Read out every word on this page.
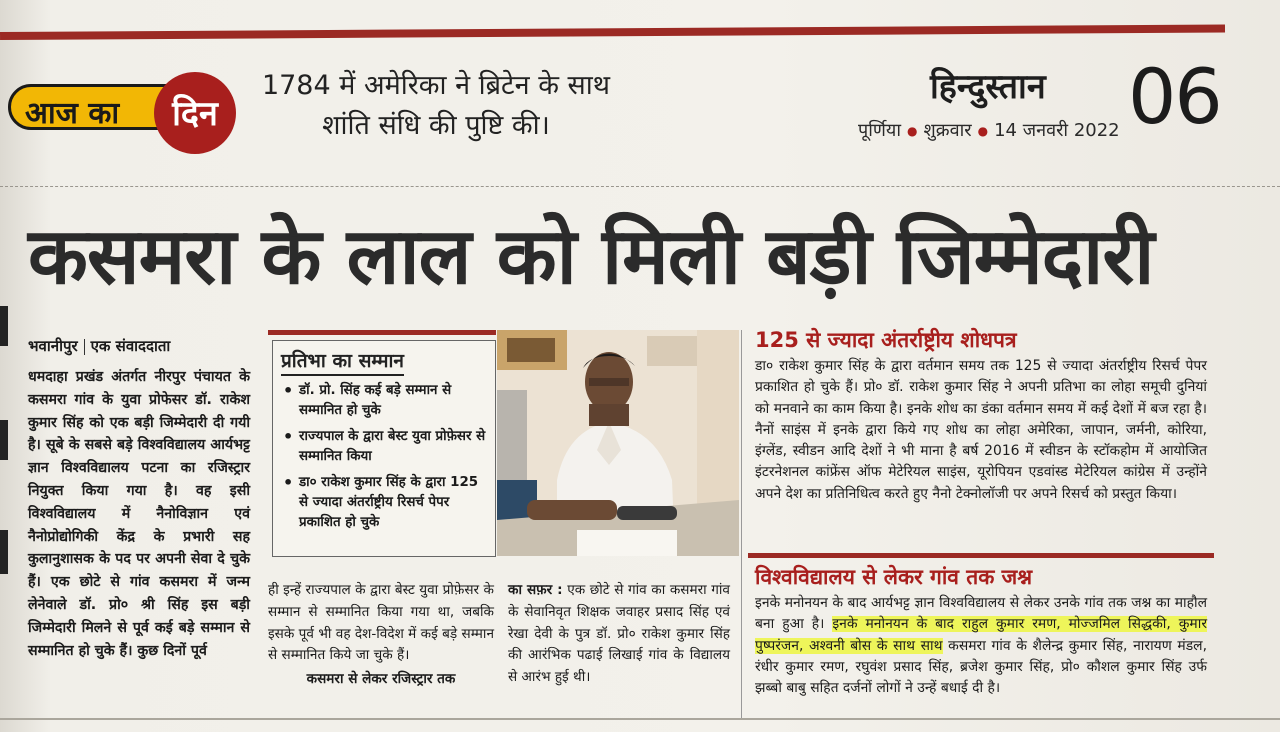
आज का	दिन
1784 में अमेरिका ने ब्रिटेन के साथ
शांति संधि की पुष्टि की।
हिन्दुस्तान
पूर्णिया ● शुक्रवार ● 14 जनवरी 2022 06
कसमरा के लाल को मिली बड़ी जिम्मेदारी
भवानीपुर एक संवाददाता
धमदाहा प्रखंड अंतर्गत नीरपुर पंचायत के कसमरा गांव के युवा प्रोफेसर डॉ. राकेश कुमार सिंह को एक बड़ी जिम्मेदारी दी गयी है। सूबे के सबसे बड़े विश्वविद्यालय आर्यभट्ट ज्ञान विश्वविद्यालय पटना का रजिस्ट्रार नियुक्त किया गया है। वह इसी विश्वविद्यालय में नैनोविज्ञान एवं नैनोप्रोद्योगिकी केंद्र के प्रभारी सह कुलानुशासक के पद पर अपनी सेवा दे चुके हैं। एक छोटे से गांव कसमरा में जन्म लेनेवाले डॉ. प्रो० श्री सिंह इस बड़ी जिम्मेदारी मिलने से पूर्व कई बड़े सम्मान से सम्मानित हो चुके हैं। कुछ दिनों पूर्व
प्रतिभा का सम्मान
• डॉ. प्रो. सिंह कई बड़े सम्मान से सम्मानित हो चुके
• राज्यपाल के द्वारा बेस्ट युवा प्रोफ़ेसर से सम्मानित किया
• डा० राकेश कुमार सिंह के द्वारा 125 से ज्यादा अंतर्राष्ट्रीय रिसर्च पेपर प्रकाशित हो चुके
ही इन्हें राज्यपाल के द्वारा बेस्ट युवा प्रोफ़ेसर के सम्मान से सम्मानित किया गया था, जबकि इसके पूर्व भी वह देश-विदेश में कई बड़े सम्मान से सम्मानित किये जा चुके हैं।
कसमरा से लेकर रजिस्ट्रार तक
का सफ़र : एक छोटे से गांव का कसमरा गांव के सेवानिवृत शिक्षक जवाहर प्रसाद सिंह एवं रेखा देवी के पुत्र डॉ. प्रो० राकेश कुमार सिंह की आरंभिक पढाई लिखाई गांव के विद्यालय से आरंभ हुई थी।
125 से ज्यादा अंतर्राष्ट्रीय शोधपत्र
डा० राकेश कुमार सिंह के द्वारा वर्तमान समय तक 125 से ज्यादा अंतर्राष्ट्रीय रिसर्च पेपर प्रकाशित हो चुके हैं। प्रो० डॉ. राकेश कुमार सिंह ने अपनी प्रतिभा का लोहा समूची दुनियां को मनवाने का काम किया है। इनके शोध का डंका वर्तमान समय में कई देशों में बज रहा है। नैनों साइंस में इनके द्वारा किये गए शोध का लोहा अमेरिका, जापान, जर्मनी, कोरिया, इंग्लेंड, स्वीडन आदि देशों ने भी माना है बर्ष 2016 में स्वीडन के स्टॉकहोम में आयोजित इंटरनेशनल कांफ्रेंस ऑफ मेटेरियल साइंस, यूरोपियन एडवांस्ड मेटेरियल कांग्रेस में उन्होंने अपने देश का प्रतिनिधित्व करते हुए नैनो टेक्नोलॉजी पर अपने रिसर्च को प्रस्तुत किया।
विश्वविद्यालय से लेकर गांव तक जश्न
इनके मनोनयन के बाद आर्यभट्ट ज्ञान विश्वविद्यालय से लेकर उनके गांव तक जश्न का माहौल बना हुआ है। इनके मनोनयन के बाद राहुल कुमार रमण, मोज्जमिल सिद्धकी, कुमार पुष्परंजन, अश्वनी बोस के साथ साथ कसमरा गांव के शैलेन्द्र कुमार सिंह, नारायण मंडल, रंधीर कुमार रमण, रघुवंश प्रसाद सिंह, ब्रजेश कुमार सिंह, प्रो० कौशल कुमार सिंह उर्फ झब्बो बाबु सहित दर्जनों लोगों ने उन्हें बधाई दी है।
